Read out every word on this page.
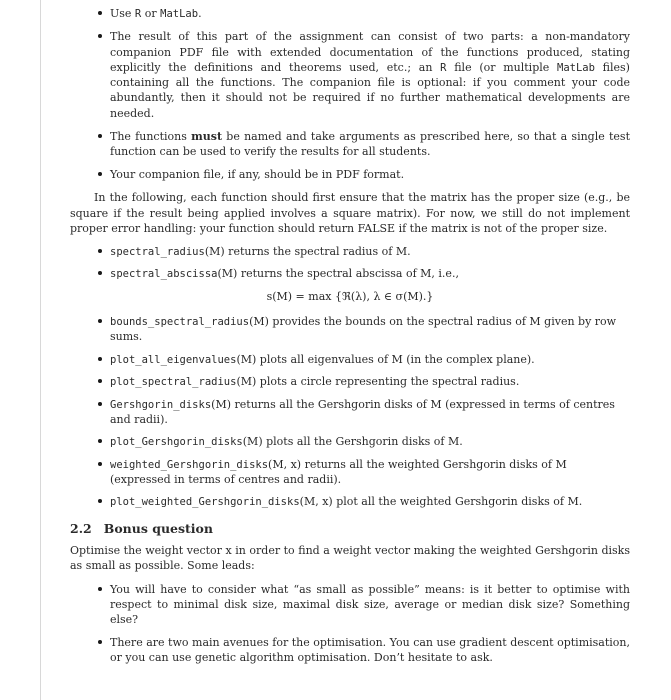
Use R or MatLab.
The result of this part of the assignment can consist of two parts: a non-mandatory companion PDF file with extended documentation of the functions produced, stating explicitly the definitions and theorems used, etc.; an R file (or multiple MatLab files) containing all the functions. The companion file is optional: if you comment your code abundantly, then it should not be required if no further mathematical developments are needed.
The functions must be named and take arguments as prescribed here, so that a single test function can be used to verify the results for all students.
Your companion file, if any, should be in PDF format.

In the following, each function should first ensure that the matrix has the proper size (e.g., be square if the result being applied involves a square matrix). For now, we still do not implement proper error handling: your function should return FALSE if the matrix is not of the proper size.

spectral_radius(M) returns the spectral radius of M.
spectral_abscissa(M) returns the spectral abscissa of M, i.e.,
s(M) = max {ℜ(λ), λ ∈ σ(M).}
bounds_spectral_radius(M) provides the bounds on the spectral radius of M given by row sums.
plot_all_eigenvalues(M) plots all eigenvalues of M (in the complex plane).
plot_spectral_radius(M) plots a circle representing the spectral radius.
Gershgorin_disks(M) returns all the Gershgorin disks of M (expressed in terms of centres and radii).
plot_Gershgorin_disks(M) plots all the Gershgorin disks of M.
weighted_Gershgorin_disks(M, x) returns all the weighted Gershgorin disks of M (expressed in terms of centres and radii).
plot_weighted_Gershgorin_disks(M, x) plot all the weighted Gershgorin disks of M.
2.2 Bonus question

Optimise the weight vector x in order to find a weight vector making the weighted Gershgorin disks as small as possible. Some leads:

You will have to consider what “as small as possible” means: is it better to optimise with respect to minimal disk size, maximal disk size, average or median disk size? Something else?
There are two main avenues for the optimisation. You can use gradient descent optimisation, or you can use genetic algorithm optimisation. Don’t hesitate to ask.
